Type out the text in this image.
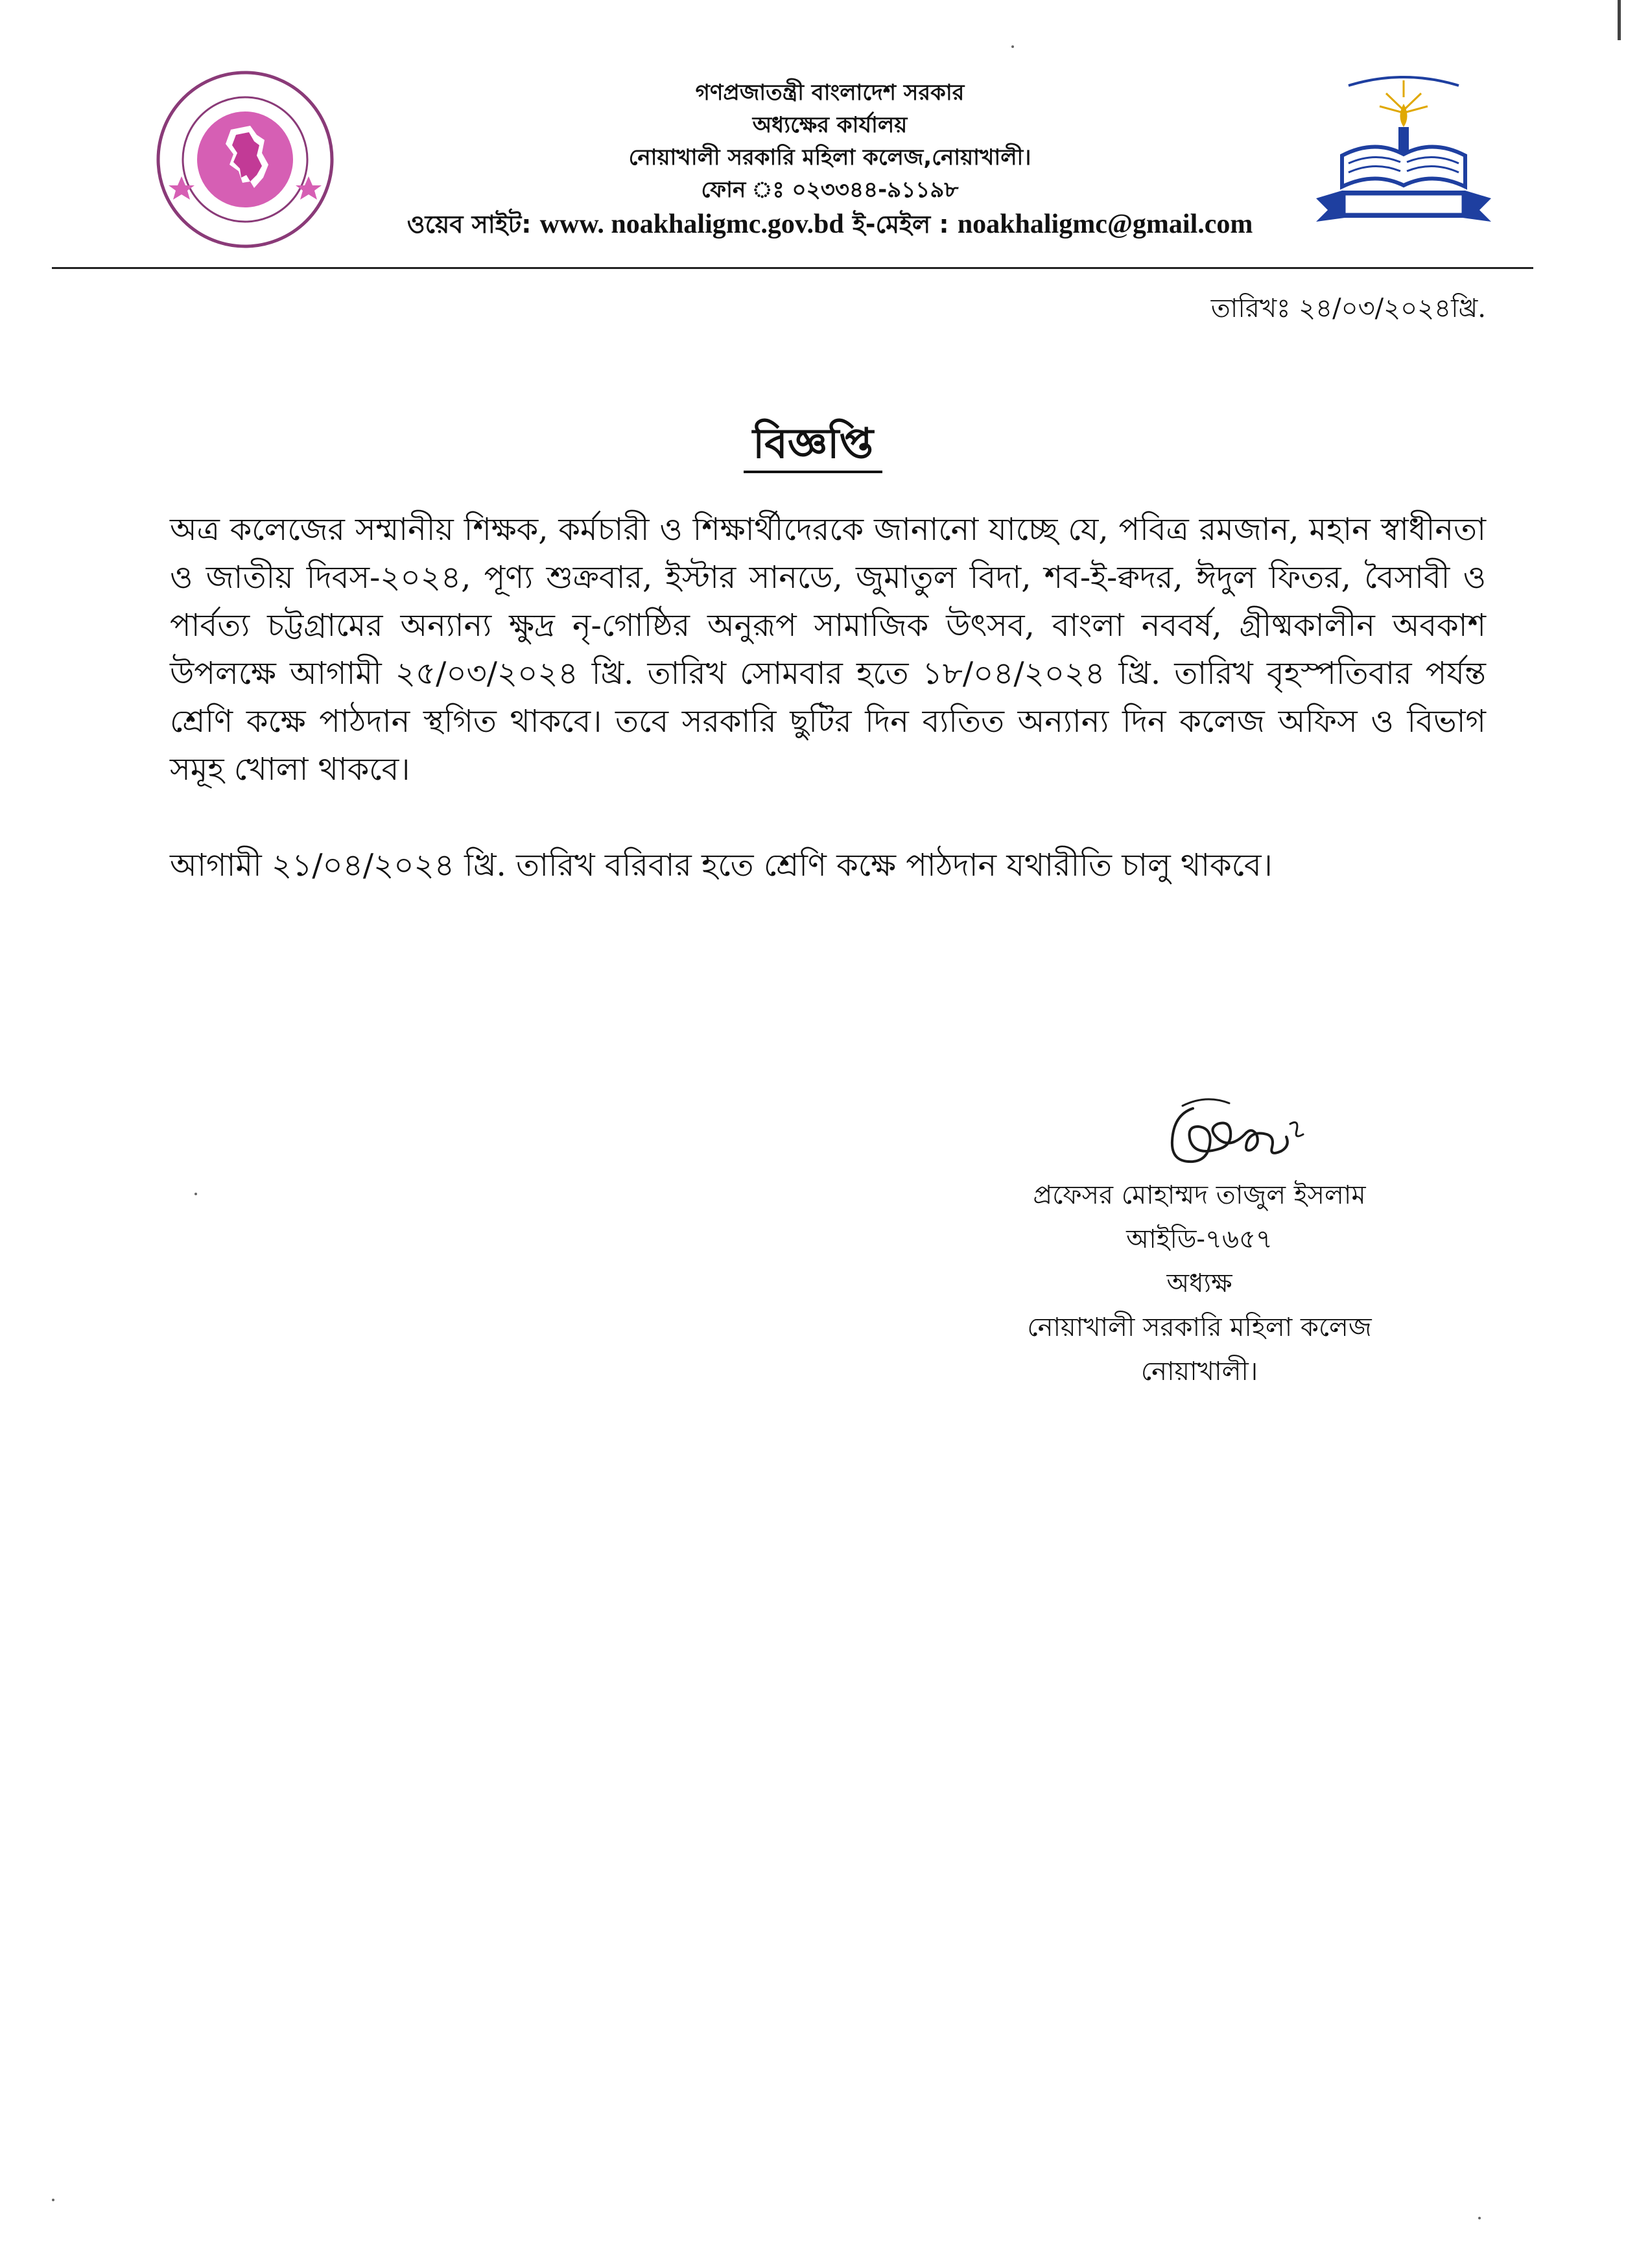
গণপ্রজাতন্ত্রী বাংলাদেশ সরকার
অধ্যক্ষের কার্যালয়
নোয়াখালী সরকারি মহিলা কলেজ,নোয়াখালী।
ফোন ঃ ০২৩৩৪৪-৯১১৯৮
ওয়েব সাইট: www. noakhaligmc.gov.bd ই-মেইল : noakhaligmc@gmail.com
তারিখঃ ২৪/০৩/২০২৪খ্রি.
বিজ্ঞপ্তি

অত্র কলেজের সম্মানীয় শিক্ষক, কর্মচারী ও শিক্ষার্থীদেরকে জানানো যাচ্ছে যে, পবিত্র রমজান, মহান স্বাধীনতা ও জাতীয় দিবস-২০২৪, পূণ্য শুক্রবার, ইস্টার সানডে, জুমাতুল বিদা, শব-ই-ক্বদর, ঈদুল ফিতর, বৈসাবী ও পার্বত্য চট্টগ্রামের অন্যান্য ক্ষুদ্র নৃ-গোষ্ঠির অনুরূপ সামাজিক উৎসব, বাংলা নববর্ষ, গ্রীষ্মকালীন অবকাশ উপলক্ষে আগামী ২৫/০৩/২০২৪ খ্রি. তারিখ সোমবার হতে ১৮/০৪/২০২৪ খ্রি. তারিখ বৃহস্পতিবার পর্যন্ত শ্রেণি কক্ষে পাঠদান স্থগিত থাকবে। তবে সরকারি ছুটির দিন ব্যতিত অন্যান্য দিন কলেজ অফিস ও বিভাগ সমূহ খোলা থাকবে।

আগামী ২১/০৪/২০২৪ খ্রি. তারিখ বরিবার হতে শ্রেণি কক্ষে পাঠদান যথারীতি চালু থাকবে।

প্রফেসর মোহাম্মদ তাজুল ইসলাম
আইডি-৭৬৫৭
অধ্যক্ষ
নোয়াখালী সরকারি মহিলা কলেজ
নোয়াখালী।
